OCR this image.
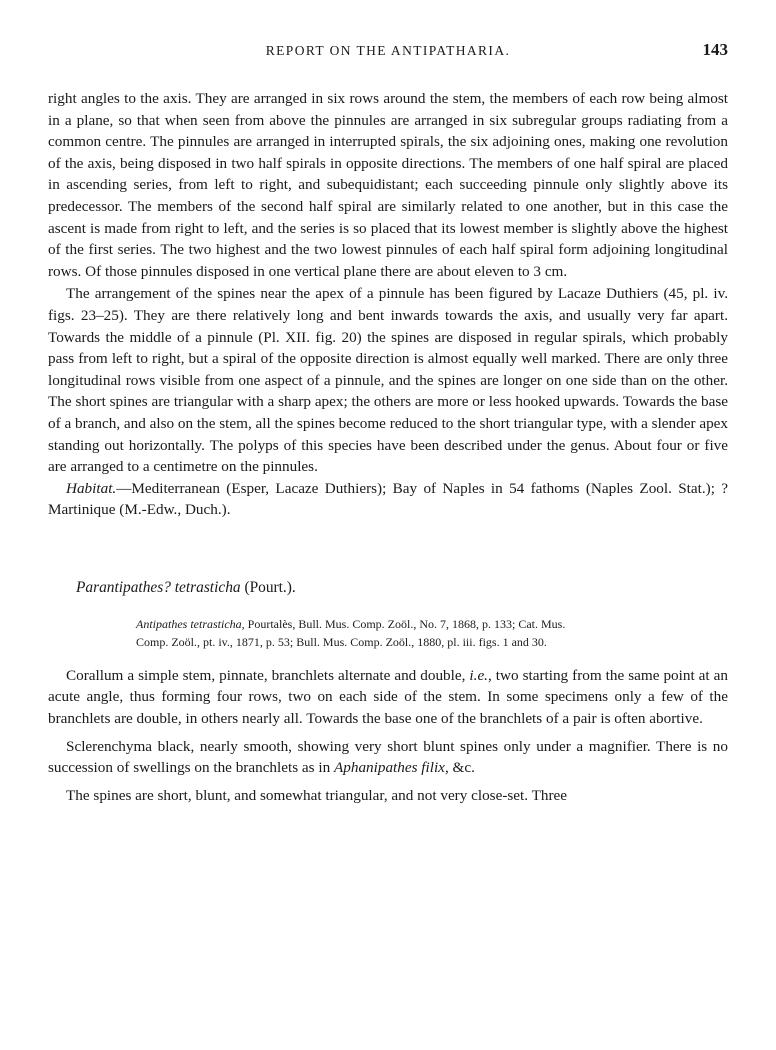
REPORT ON THE ANTIPATHARIA.	143

right angles to the axis. They are arranged in six rows around the stem, the members of each row being almost in a plane, so that when seen from above the pinnules are arranged in six subregular groups radiating from a common centre. The pinnules are arranged in interrupted spirals, the six adjoining ones, making one revolution of the axis, being disposed in two half spirals in opposite directions. The members of one half spiral are placed in ascending series, from left to right, and subequidistant; each succeeding pinnule only slightly above its predecessor. The members of the second half spiral are similarly related to one another, but in this case the ascent is made from right to left, and the series is so placed that its lowest member is slightly above the highest of the first series. The two highest and the two lowest pinnules of each half spiral form adjoining longitudinal rows. Of those pinnules disposed in one vertical plane there are about eleven to 3 cm.

The arrangement of the spines near the apex of a pinnule has been figured by Lacaze Duthiers (45, pl. iv. figs. 23–25). They are there relatively long and bent inwards towards the axis, and usually very far apart. Towards the middle of a pinnule (Pl. XII. fig. 20) the spines are disposed in regular spirals, which probably pass from left to right, but a spiral of the opposite direction is almost equally well marked. There are only three longitudinal rows visible from one aspect of a pinnule, and the spines are longer on one side than on the other. The short spines are triangular with a sharp apex; the others are more or less hooked upwards. Towards the base of a branch, and also on the stem, all the spines become reduced to the short triangular type, with a slender apex standing out horizontally. The polyps of this species have been described under the genus. About four or five are arranged to a centimetre on the pinnules.

Habitat.—Mediterranean (Esper, Lacaze Duthiers); Bay of Naples in 54 fathoms (Naples Zool. Stat.); ? Martinique (M.-Edw., Duch.).

Parantipathes? tetrasticha (Pourt.).
Antipathes tetrasticha, Pourtalès, Bull. Mus. Comp. Zoöl., No. 7, 1868, p. 133; Cat. Mus.
Comp. Zoöl., pt. iv., 1871, p. 53; Bull. Mus. Comp. Zoöl., 1880, pl. iii. figs. 1 and 30.

Corallum a simple stem, pinnate, branchlets alternate and double, i.e., two starting from the same point at an acute angle, thus forming four rows, two on each side of the stem. In some specimens only a few of the branchlets are double, in others nearly all. Towards the base one of the branchlets of a pair is often abortive.

Sclerenchyma black, nearly smooth, showing very short blunt spines only under a magnifier. There is no succession of swellings on the branchlets as in Aphanipathes filix, &c.

The spines are short, blunt, and somewhat triangular, and not very close-set. Three
